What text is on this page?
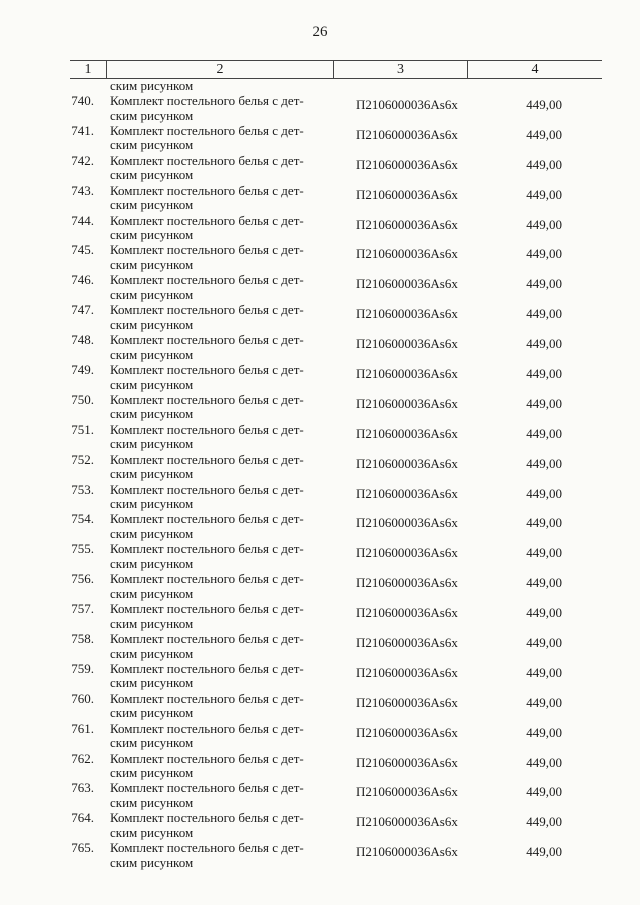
26
1	2	3	4
ским рисунком
740. Комплект постельного белья с дет-
ским рисунком
П2106000036Аs6х	449,00
741. Комплект постельного белья с дет-
ским рисунком
П2106000036Аs6х	449,00
742. Комплект постельного белья с дет-
ским рисунком
П2106000036Аs6х	449,00
743. Комплект постельного белья с дет-
ским рисунком
П2106000036Аs6х	449,00
744. Комплект постельного белья с дет-
ским рисунком
П2106000036Аs6х	449,00
745. Комплект постельного белья с дет-
ским рисунком
П2106000036Аs6х	449,00
746. Комплект постельного белья с дет-
ским рисунком
П2106000036Аs6х	449,00
747. Комплект постельного белья с дет-
ским рисунком
П2106000036Аs6х	449,00
748. Комплект постельного белья с дет-
ским рисунком
П2106000036Аs6х	449,00
749. Комплект постельного белья с дет-
ским рисунком
П2106000036Аs6х	449,00
750. Комплект постельного белья с дет-
ским рисунком
П2106000036Аs6х	449,00
751. Комплект постельного белья с дет-
ским рисунком
П2106000036Аs6х	449,00
752. Комплект постельного белья с дет-
ским рисунком
П2106000036Аs6х	449,00
753. Комплект постельного белья с дет-
ским рисунком
П2106000036Аs6х	449,00
754. Комплект постельного белья с дет-
ским рисунком
П2106000036Аs6х	449,00
755. Комплект постельного белья с дет-
ским рисунком
П2106000036Аs6х	449,00
756. Комплект постельного белья с дет-
ским рисунком
П2106000036Аs6х	449,00
757. Комплект постельного белья с дет-
ским рисунком
П2106000036Аs6х	449,00
758. Комплект постельного белья с дет-
ским рисунком
П2106000036Аs6х	449,00
759. Комплект постельного белья с дет-
ским рисунком
П2106000036Аs6х	449,00
760. Комплект постельного белья с дет-
ским рисунком
П2106000036Аs6х	449,00
761. Комплект постельного белья с дет-
ским рисунком
П2106000036Аs6х	449,00
762. Комплект постельного белья с дет-
ским рисунком
П2106000036Аs6х	449,00
763. Комплект постельного белья с дет-
ским рисунком
П2106000036Аs6х	449,00
764. Комплект постельного белья с дет-
ским рисунком
П2106000036Аs6х	449,00
765. Комплект постельного белья с дет-
ским рисунком
П2106000036Аs6х	449,00
